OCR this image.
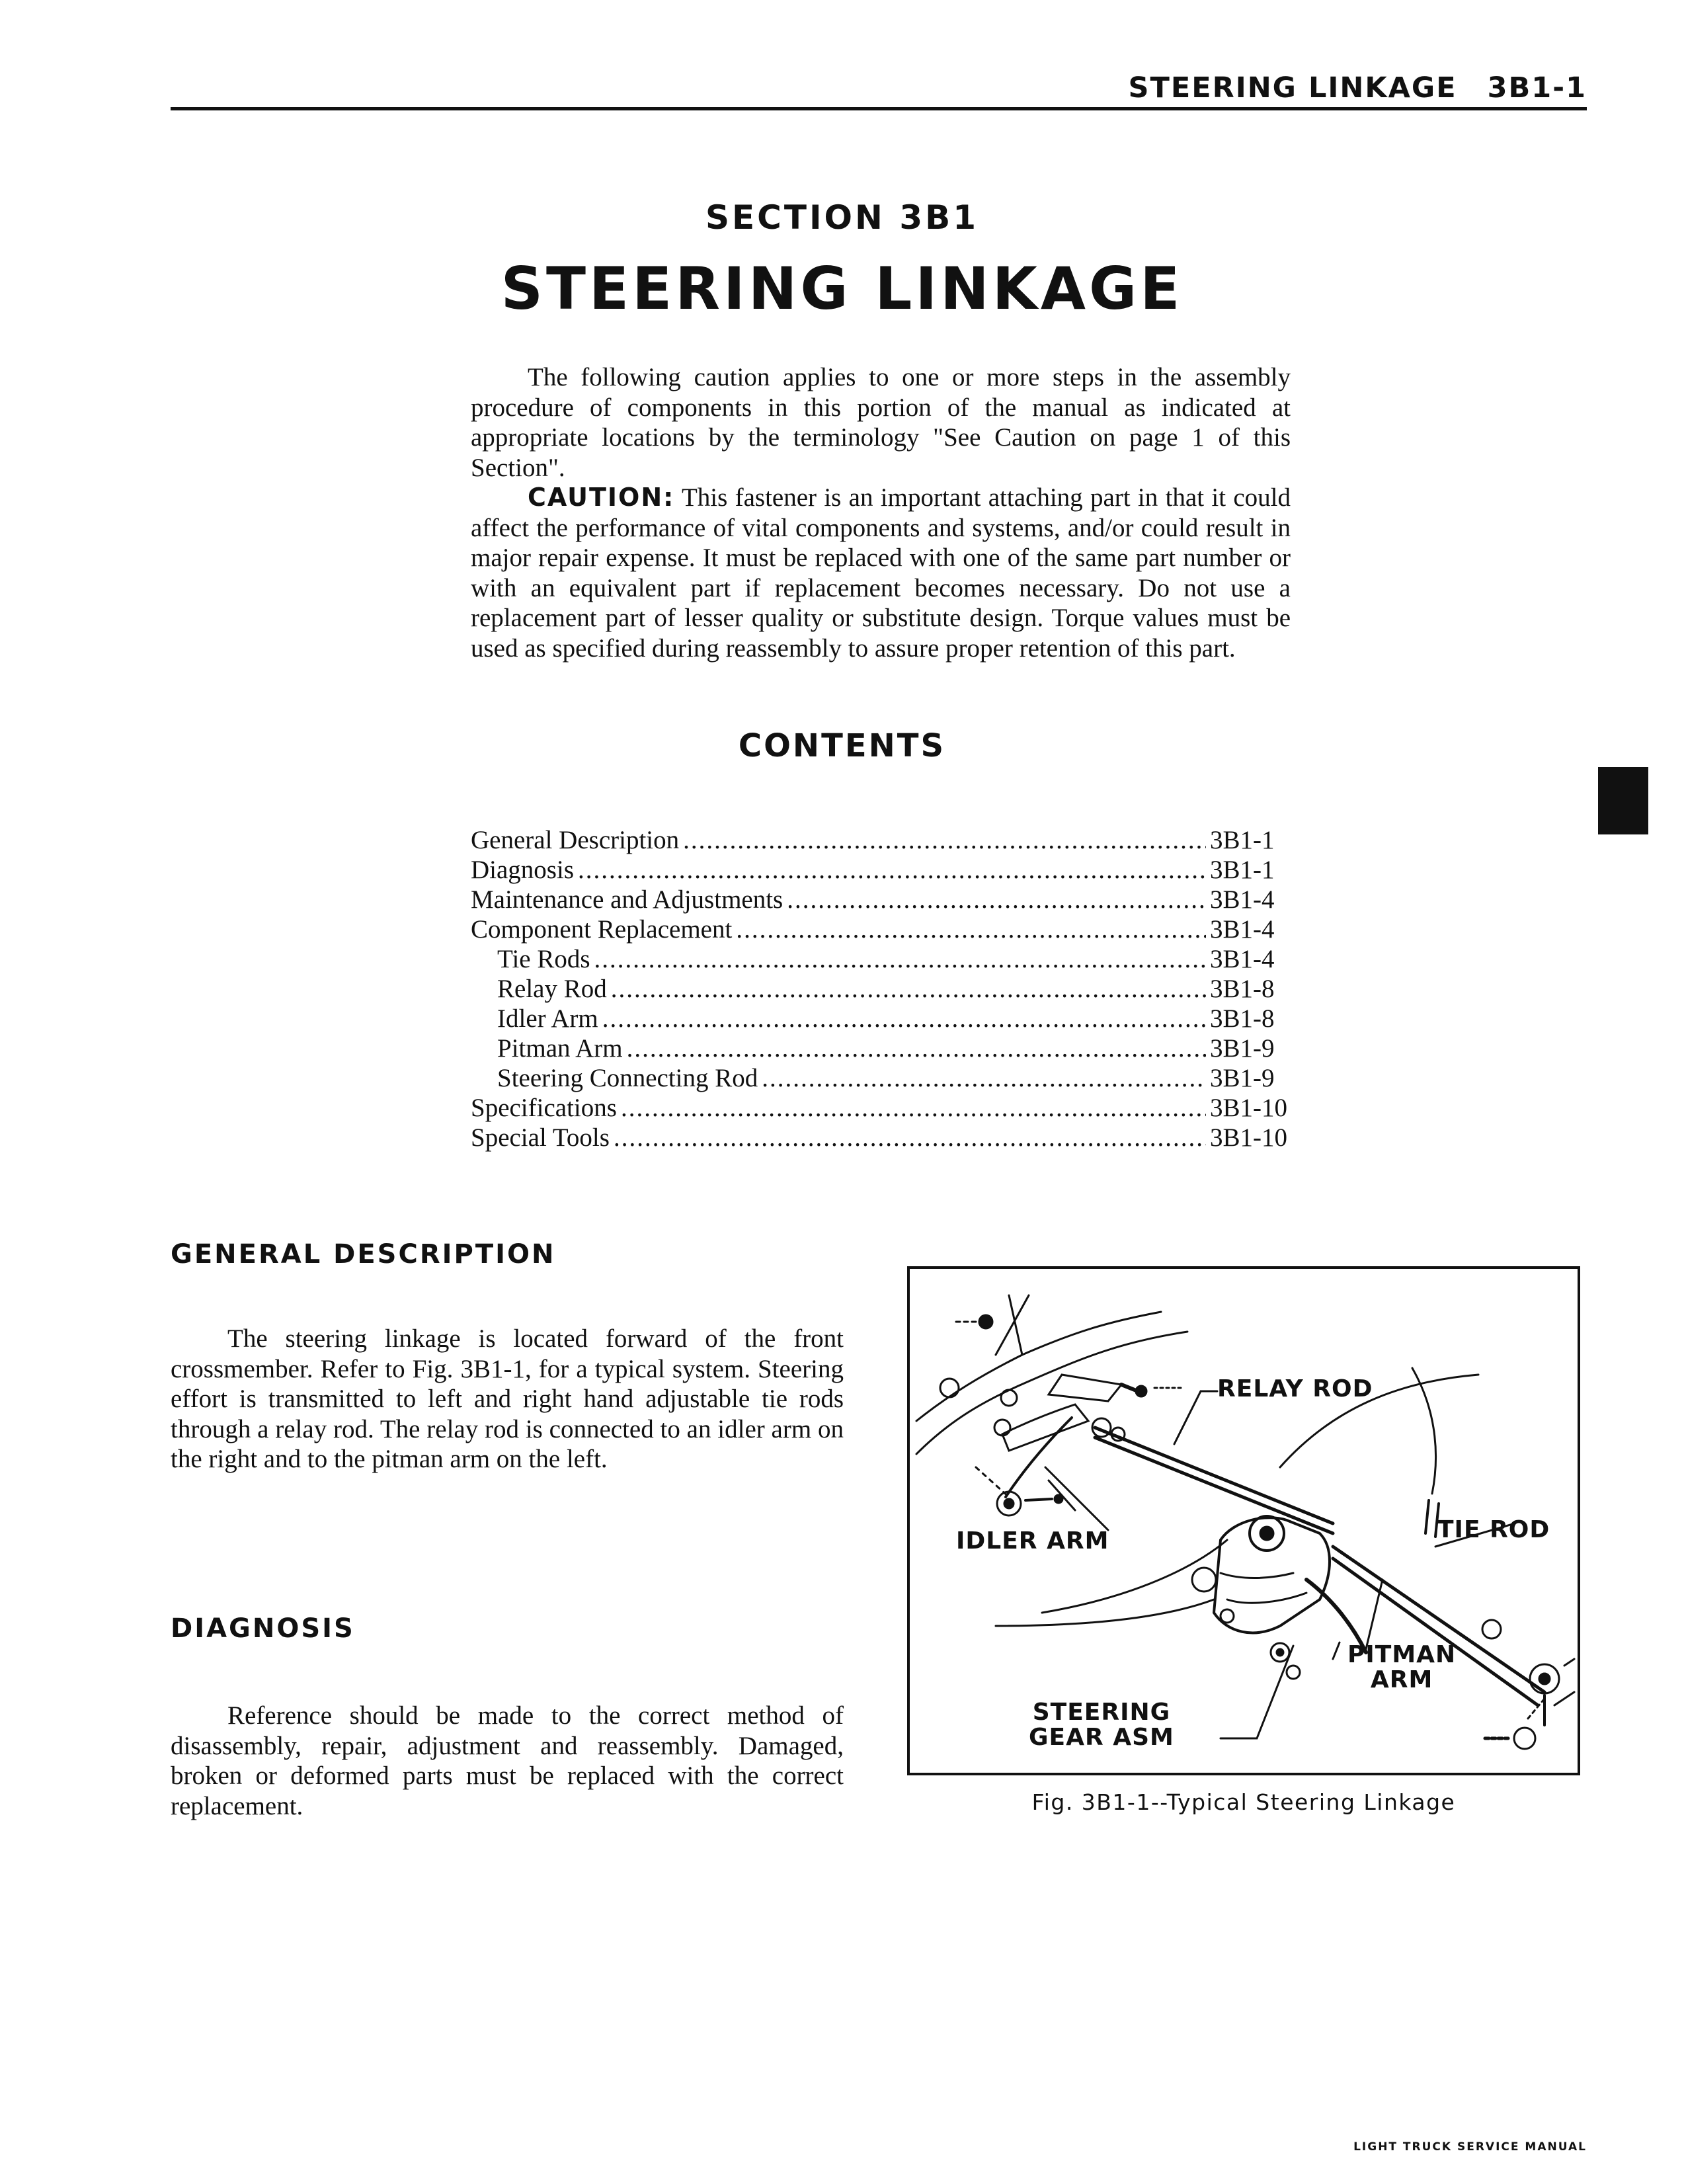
STEERING LINKAGE 3B1-1
SECTION 3B1
STEERING LINKAGE

The following caution applies to one or more steps in the assembly procedure of components in this portion of the manual as indicated at appropriate locations by the terminology "See Caution on page 1 of this Section".

CAUTION: This fastener is an important attaching part in that it could affect the performance of vital components and systems, and/or could result in major repair expense. It must be replaced with one of the same part number or with an equivalent part if replacement becomes necessary. Do not use a replacement part of lesser quality or substitute design. Torque values must be used as specified during reassembly to assure proper retention of this part.

CONTENTS
General Description .....	3B1-1
Diagnosis .....	3B1-1
Maintenance and Adjustments .....	3B1-4
Component Replacement .....	3B1-4
Tie Rods .....	3B1-4
Relay Rod .....	3B1-8
Idler Arm .....	3B1-8
Pitman Arm .....	3B1-9
Steering Connecting Rod .....	3B1-9
Specifications .....	3B1-10
Special Tools .....	3B1-10
GENERAL DESCRIPTION

The steering linkage is located forward of the front crossmember. Refer to Fig. 3B1-1, for a typical system. Steering effort is transmitted to left and right hand adjustable tie rods through a relay rod. The relay rod is connected to an idler arm on the right and to the pitman arm on the left.

DIAGNOSIS

Reference should be made to the correct method of disassembly, repair, adjustment and reassembly. Damaged, broken or deformed parts must be replaced with the correct replacement.

RELAY ROD
IDLER ARM	TIE ROD
PITMAN
ARM
STEERING
GEAR ASM
Fig. 3B1-1--Typical Steering Linkage
LIGHT TRUCK SERVICE MANUAL
